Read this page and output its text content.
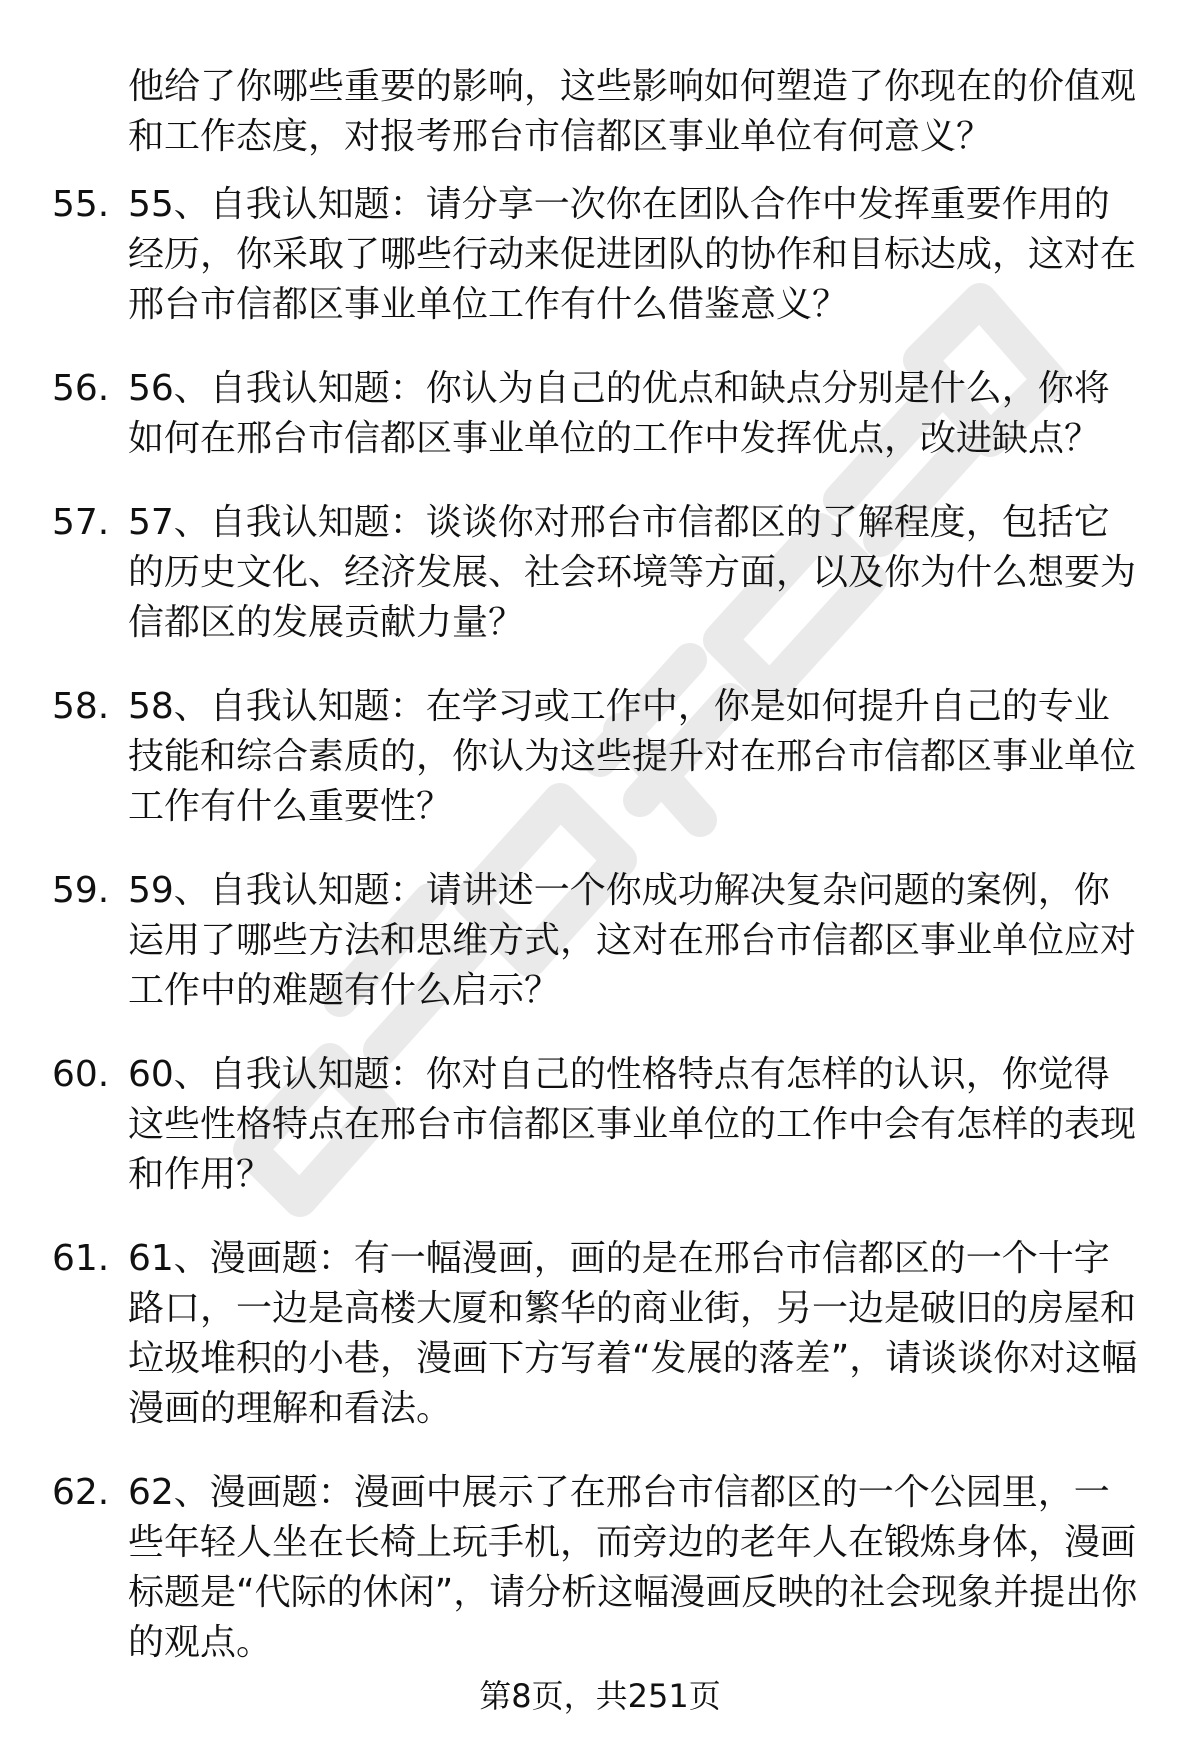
他给了你哪些重要的影响，这些影响如何塑造了你现在的价值观和工作态度，对报考邢台市信都区事业单位有何意义？

55. 55、自我认知题：请分享一次你在团队合作中发挥重要作用的经历，你采取了哪些行动来促进团队的协作和目标达成，这对在邢台市信都区事业单位工作有什么借鉴意义？
56. 56、自我认知题：你认为自己的优点和缺点分别是什么，你将如何在邢台市信都区事业单位的工作中发挥优点，改进缺点？
57. 57、自我认知题：谈谈你对邢台市信都区的了解程度，包括它的历史文化、经济发展、社会环境等方面，以及你为什么想要为信都区的发展贡献力量？
58. 58、自我认知题：在学习或工作中，你是如何提升自己的专业技能和综合素质的，你认为这些提升对在邢台市信都区事业单位工作有什么重要性？
59. 59、自我认知题：请讲述一个你成功解决复杂问题的案例，你运用了哪些方法和思维方式，这对在邢台市信都区事业单位应对工作中的难题有什么启示？
60. 60、自我认知题：你对自己的性格特点有怎样的认识，你觉得这些性格特点在邢台市信都区事业单位的工作中会有怎样的表现和作用？
61. 61、漫画题：有一幅漫画，画的是在邢台市信都区的一个十字路口，一边是高楼大厦和繁华的商业街，另一边是破旧的房屋和垃圾堆积的小巷，漫画下方写着“发展的落差”，请谈谈你对这幅漫画的理解和看法。
62. 62、漫画题：漫画中展示了在邢台市信都区的一个公园里，一些年轻人坐在长椅上玩手机，而旁边的老年人在锻炼身体，漫画标题是“代际的休闲”，请分析这幅漫画反映的社会现象并提出你的观点。
第8页，共251页
